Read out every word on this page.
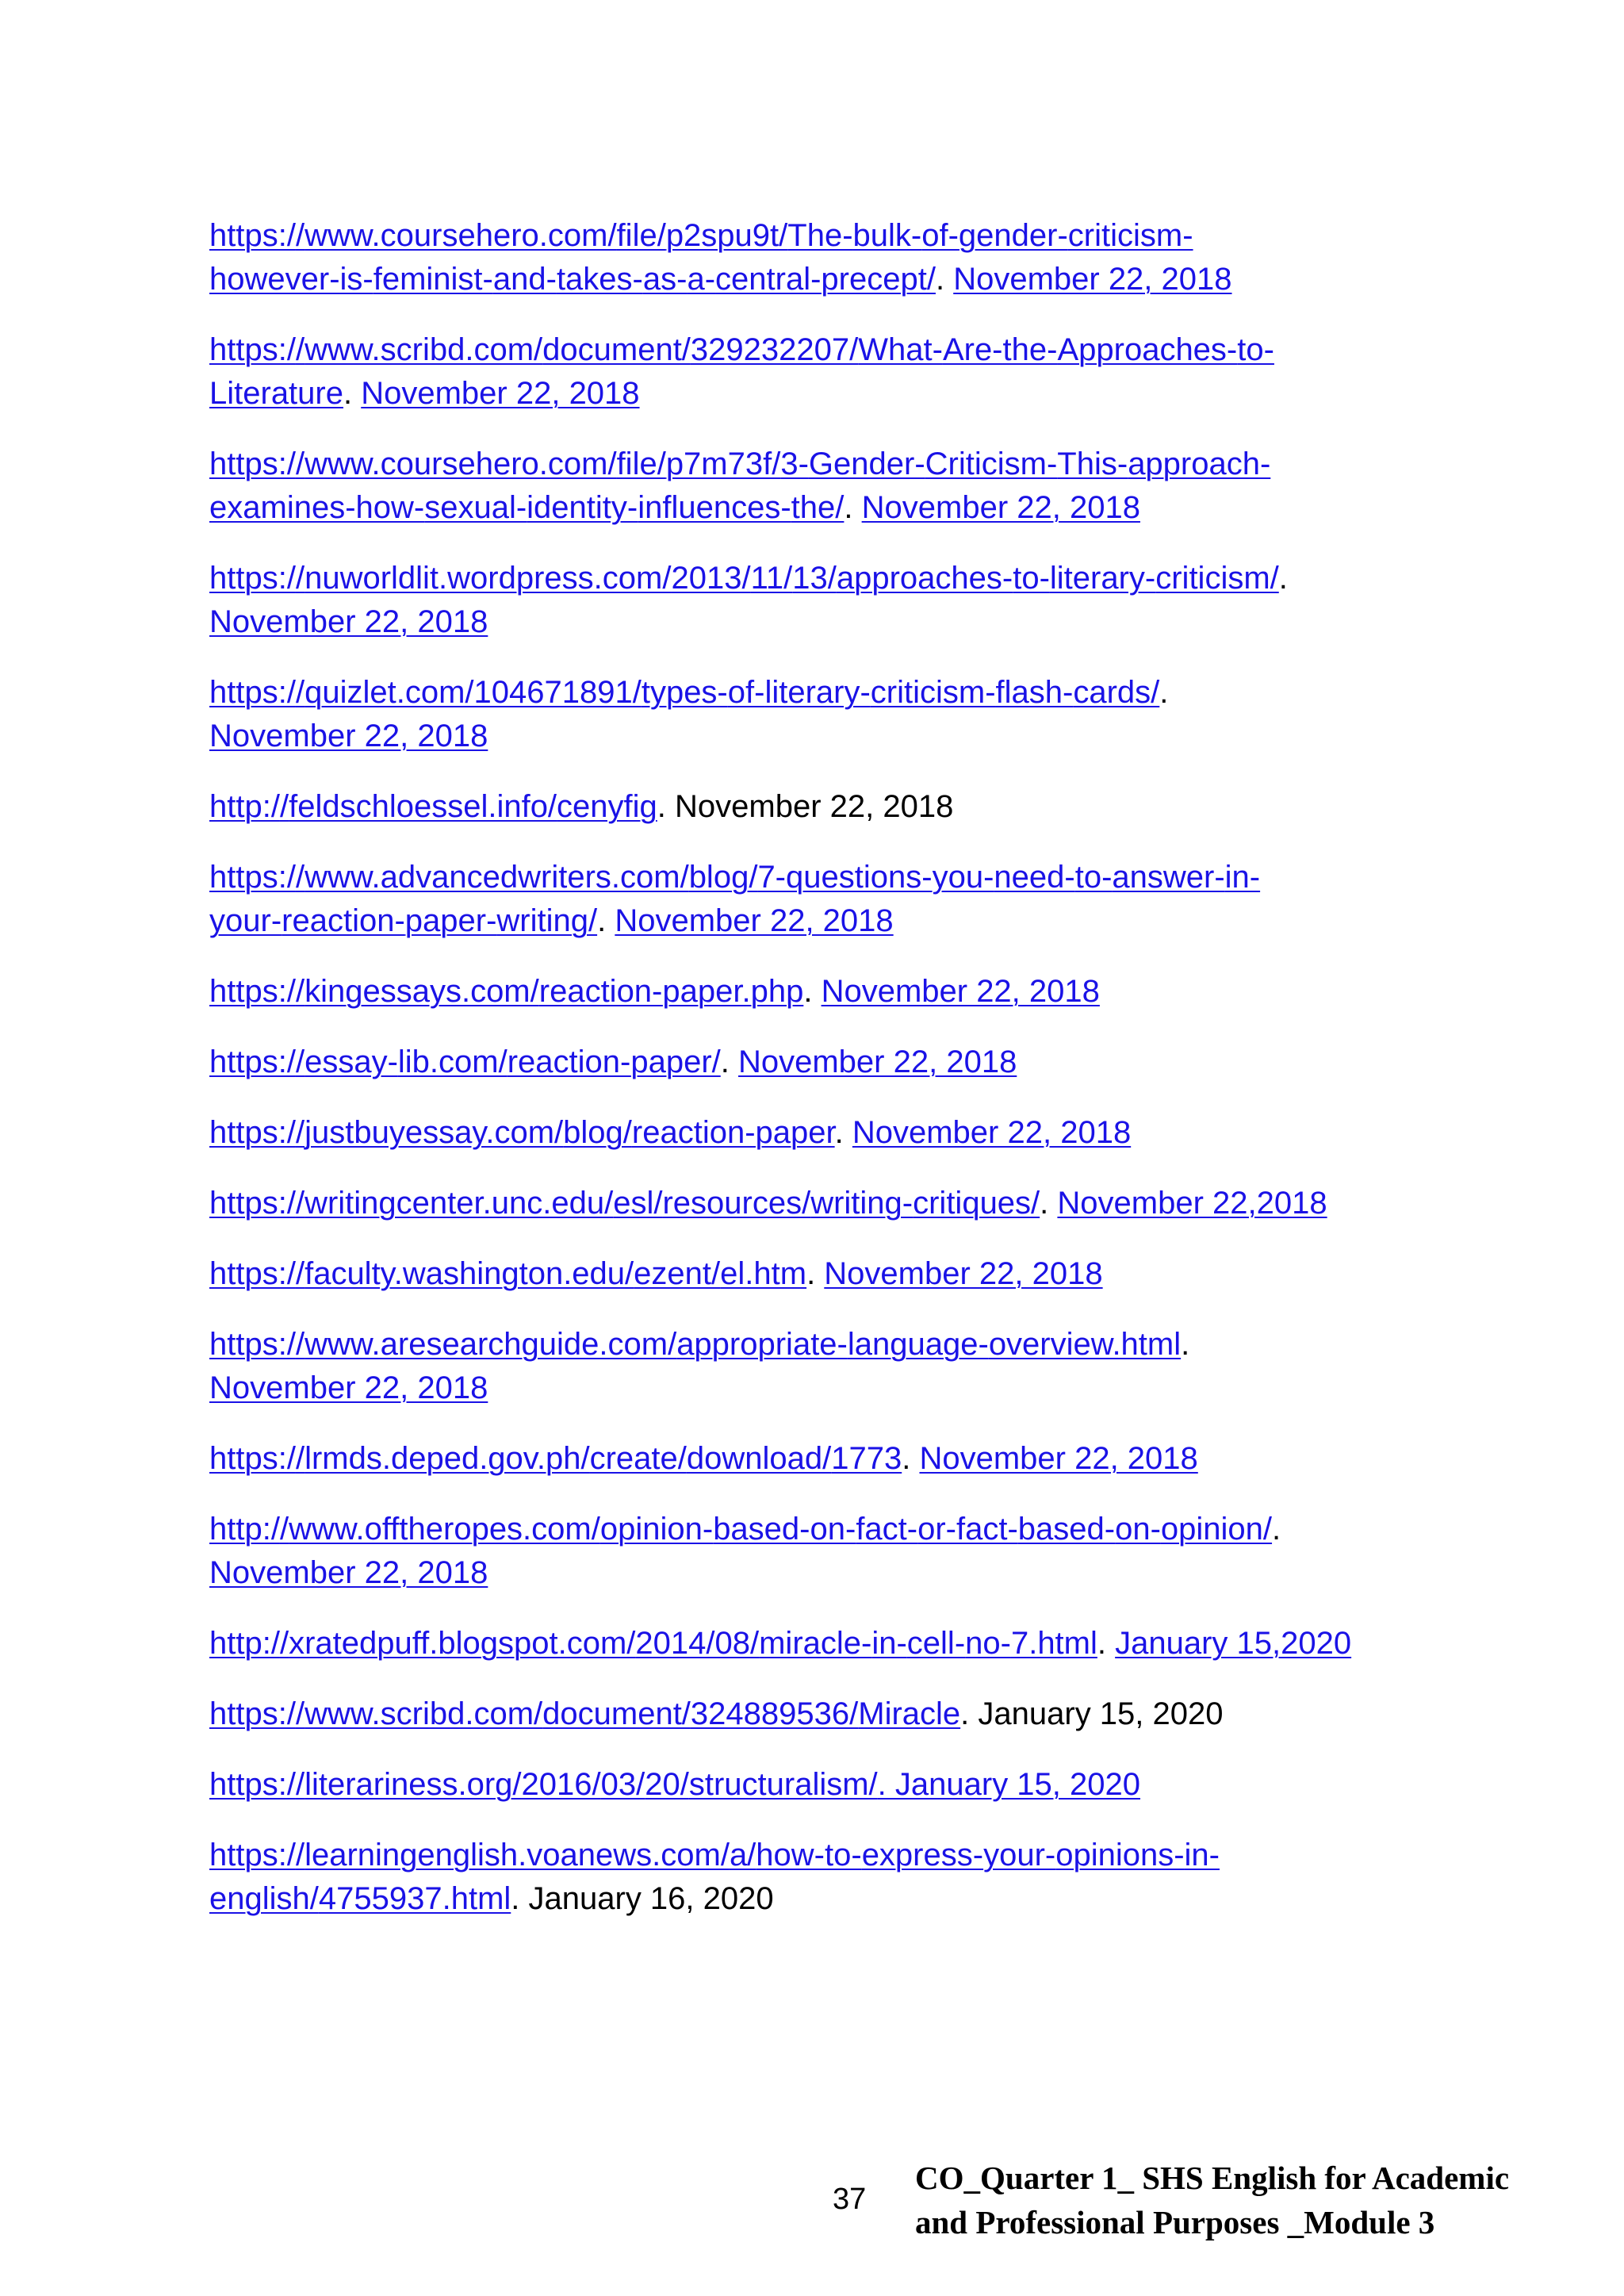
https://www.coursehero.com/file/p2spu9t/The-bulk-of-gender-criticism-however-is-feminist-and-takes-as-a-central-precept/. November 22, 2018
https://www.scribd.com/document/329232207/What-Are-the-Approaches-to-Literature. November 22, 2018
https://www.coursehero.com/file/p7m73f/3-Gender-Criticism-This-approach-examines-how-sexual-identity-influences-the/. November 22, 2018
https://nuworldlit.wordpress.com/2013/11/13/approaches-to-literary-criticism/. November 22, 2018
https://quizlet.com/104671891/types-of-literary-criticism-flash-cards/. November 22, 2018
http://feldschloessel.info/cenyfig. November 22, 2018
https://www.advancedwriters.com/blog/7-questions-you-need-to-answer-in-your-reaction-paper-writing/. November 22, 2018
https://kingessays.com/reaction-paper.php. November 22, 2018
https://essay-lib.com/reaction-paper/. November 22, 2018
https://justbuyessay.com/blog/reaction-paper. November 22, 2018
https://writingcenter.unc.edu/esl/resources/writing-critiques/. November 22,2018
https://faculty.washington.edu/ezent/el.htm. November 22, 2018
https://www.aresearchguide.com/appropriate-language-overview.html. November 22, 2018
https://lrmds.deped.gov.ph/create/download/1773. November 22, 2018
http://www.offtheropes.com/opinion-based-on-fact-or-fact-based-on-opinion/. November 22, 2018
http://xratedpuff.blogspot.com/2014/08/miracle-in-cell-no-7.html. January 15,2020
https://www.scribd.com/document/324889536/Miracle. January 15, 2020
https://literariness.org/2016/03/20/structuralism/. January 15, 2020
https://learningenglish.voanews.com/a/how-to-express-your-opinions-in-english/4755937.html. January 16, 2020
37
CO_Quarter 1_ SHS English for Academic
and Professional Purposes _Module 3
